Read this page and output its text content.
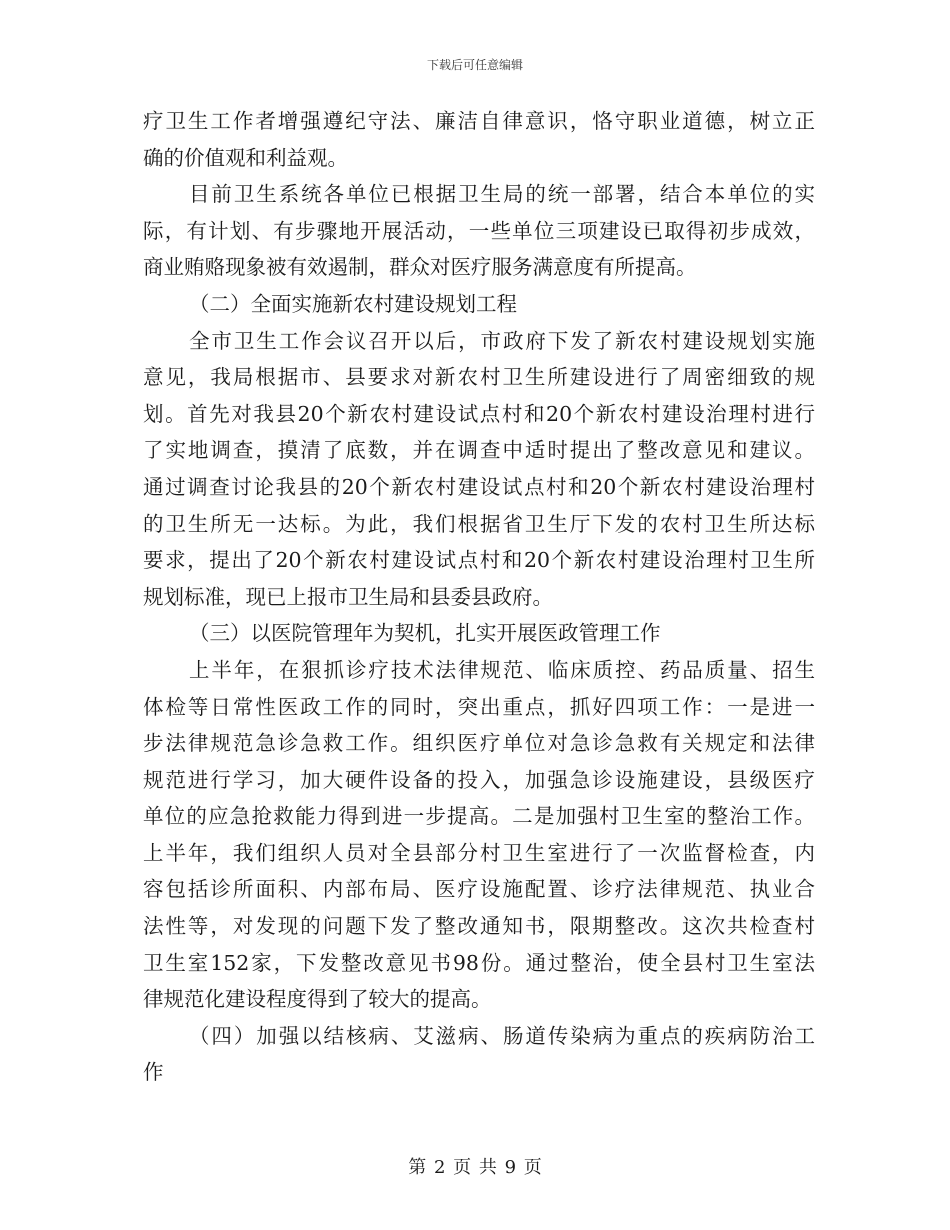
下载后可任意编辑
疗卫生工作者增强遵纪守法、廉洁自律意识，恪守职业道德，树立正
确的价值观和利益观。
目前卫生系统各单位已根据卫生局的统一部署，结合本单位的实
际，有计划、有步骤地开展活动，一些单位三项建设已取得初步成效，
商业贿赂现象被有效遏制，群众对医疗服务满意度有所提高。
（二）全面实施新农村建设规划工程
全市卫生工作会议召开以后，市政府下发了新农村建设规划实施
意见，我局根据市、县要求对新农村卫生所建设进行了周密细致的规
划。首先对我县20个新农村建设试点村和20个新农村建设治理村进行
了实地调查，摸清了底数，并在调查中适时提出了整改意见和建议。
通过调查讨论我县的20个新农村建设试点村和20个新农村建设治理村
的卫生所无一达标。为此，我们根据省卫生厅下发的农村卫生所达标
要求，提出了20个新农村建设试点村和20个新农村建设治理村卫生所
规划标准，现已上报市卫生局和县委县政府。
（三）以医院管理年为契机，扎实开展医政管理工作
上半年，在狠抓诊疗技术法律规范、临床质控、药品质量、招生
体检等日常性医政工作的同时，突出重点，抓好四项工作：一是进一
步法律规范急诊急救工作。组织医疗单位对急诊急救有关规定和法律
规范进行学习，加大硬件设备的投入，加强急诊设施建设，县级医疗
单位的应急抢救能力得到进一步提高。二是加强村卫生室的整治工作。
上半年，我们组织人员对全县部分村卫生室进行了一次监督检查，内
容包括诊所面积、内部布局、医疗设施配置、诊疗法律规范、执业合
法性等，对发现的问题下发了整改通知书，限期整改。这次共检查村
卫生室152家，下发整改意见书98份。通过整治，使全县村卫生室法
律规范化建设程度得到了较大的提高。
（四）加强以结核病、艾滋病、肠道传染病为重点的疾病防治工
作
第 2 页 共 9 页
